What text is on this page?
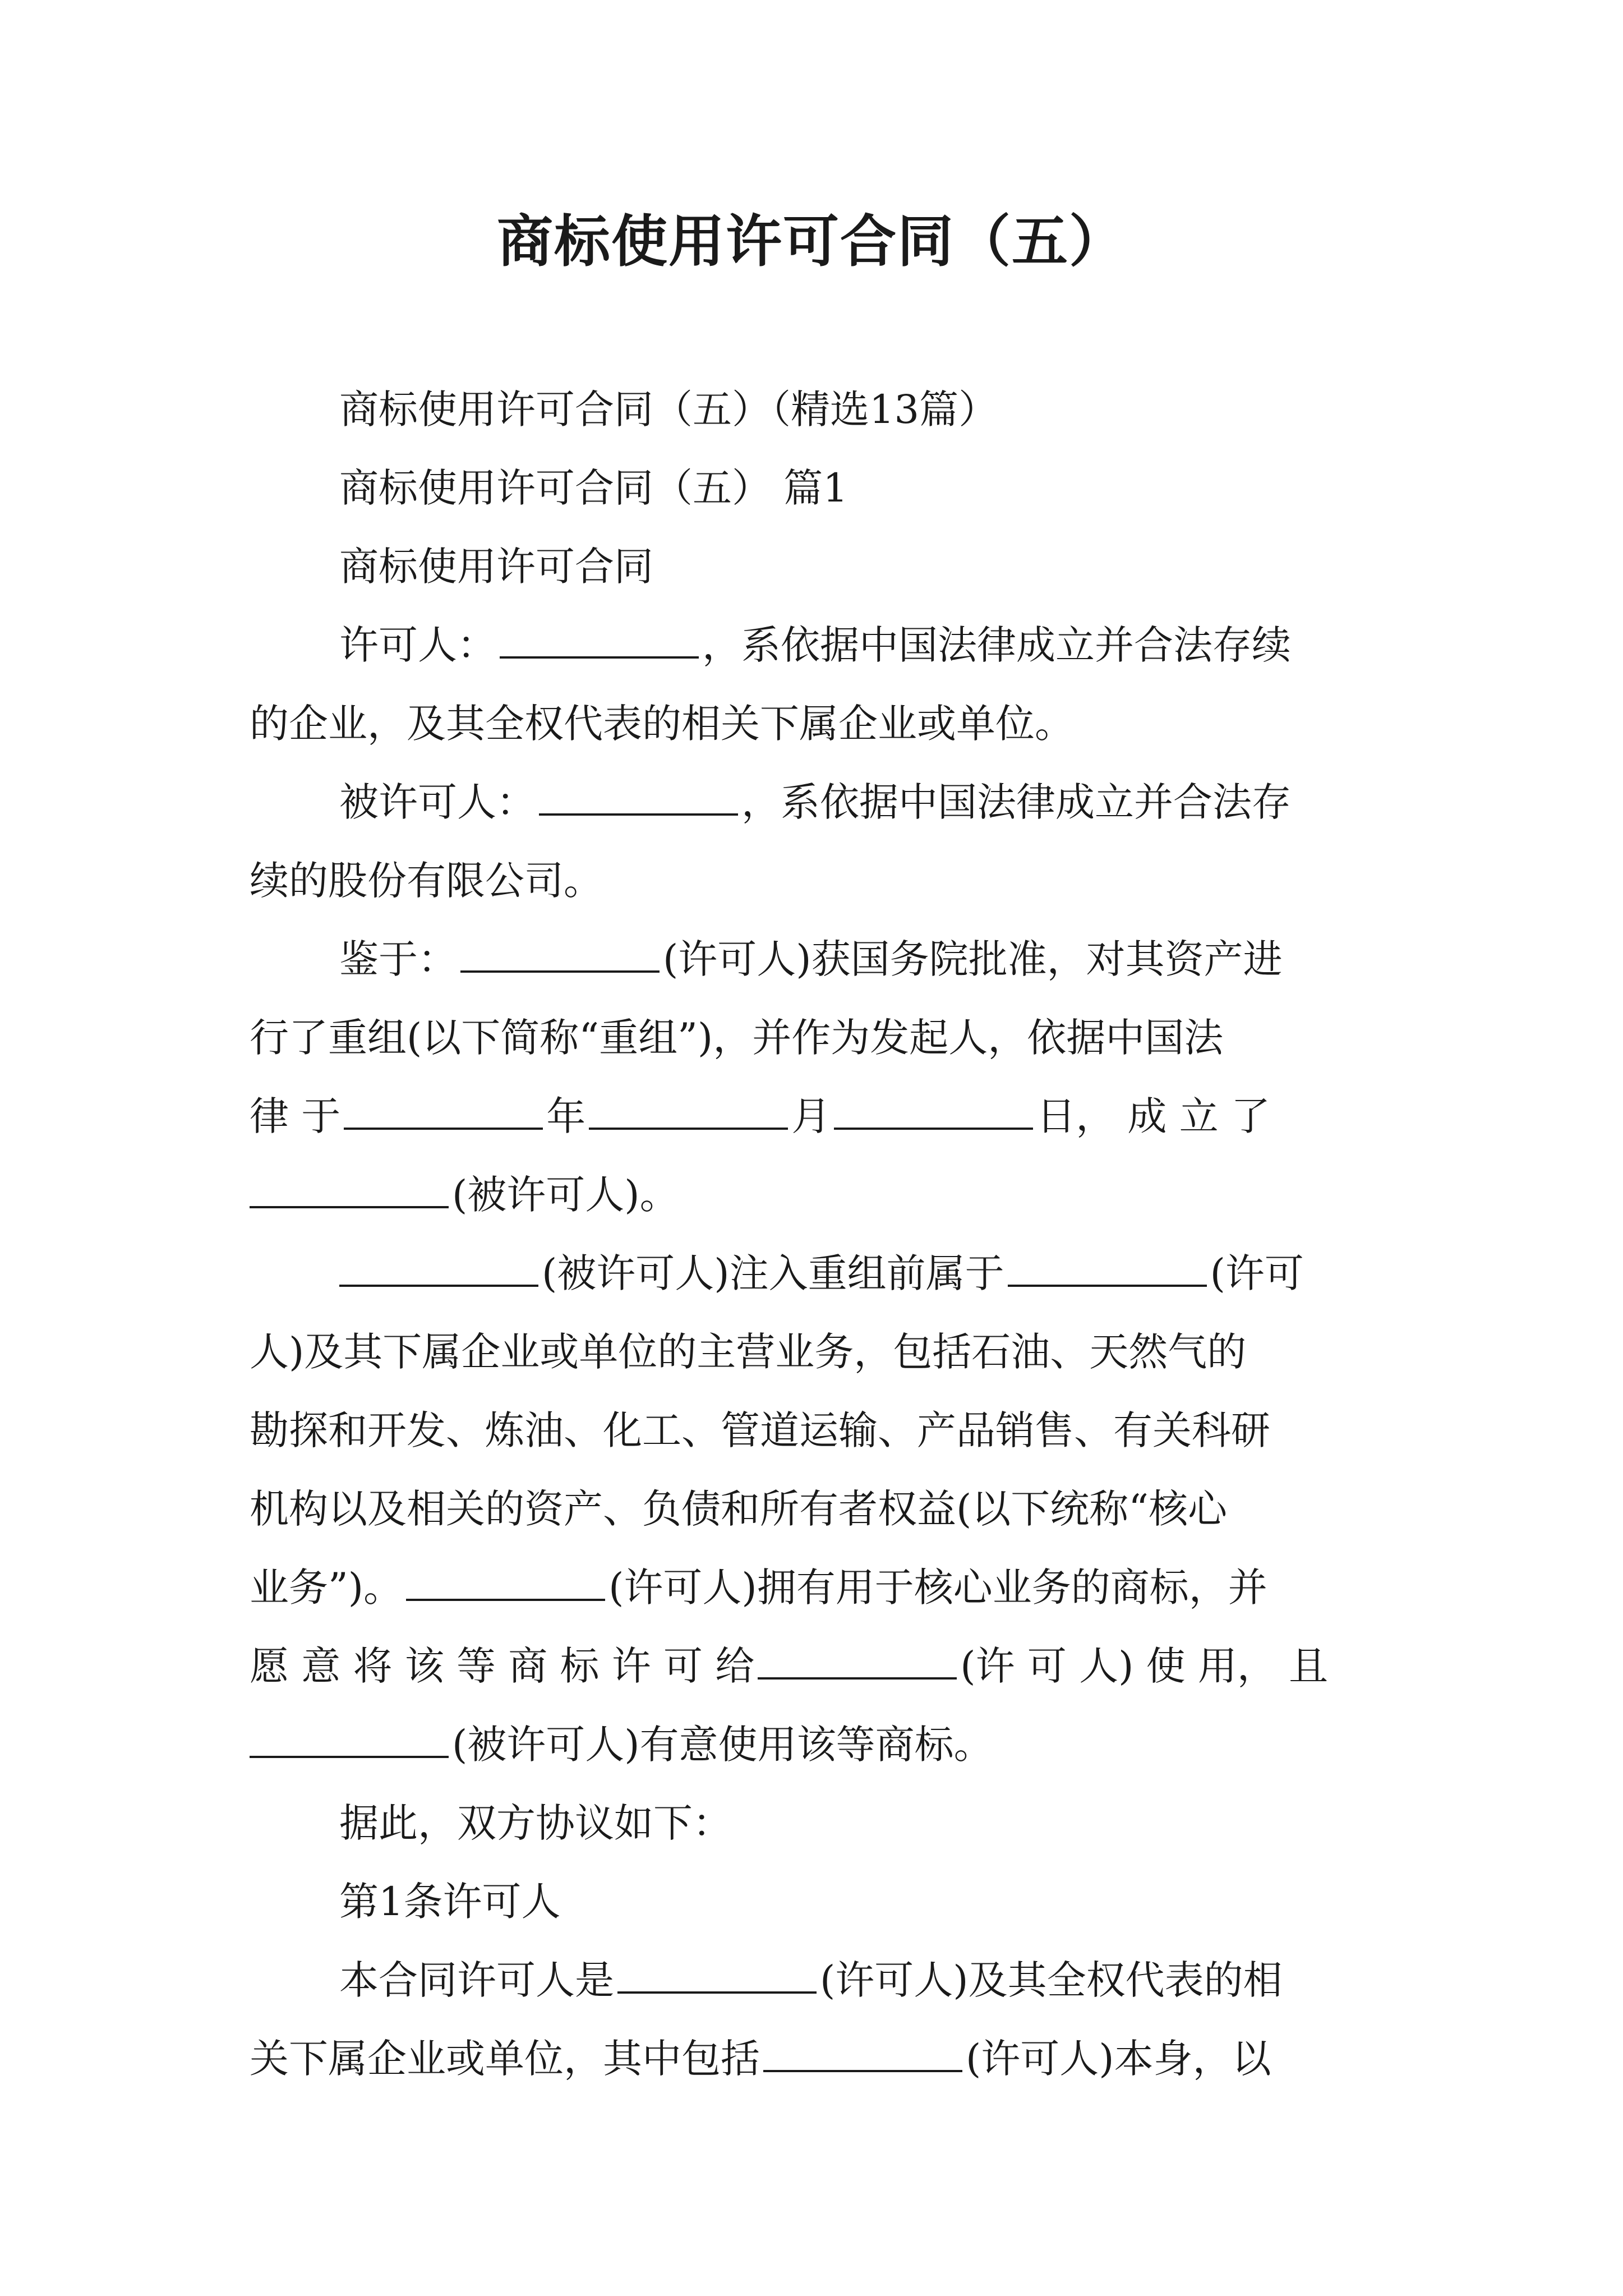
商标使用许可合同（五）
商标使用许可合同（五）（精选13篇）
商标使用许可合同（五） 篇1
商标使用许可合同
许可人：	，系依据中国法律成立并合法存续
的企业，及其全权代表的相关下属企业或单位。
被许可人：	，系依据中国法律成立并合法存
续的股份有限公司。
鉴于：	(许可人)获国务院批准，对其资产进
行了重组(以下简称“重组”)，并作为发起人，依据中国法
律 于	年	月	日， 成 立 了
(被许可人)。
(被许可人)注入重组前属于	(许可
人)及其下属企业或单位的主营业务，包括石油、天然气的
勘探和开发、炼油、化工、管道运输、产品销售、有关科研
机构以及相关的资产、负债和所有者权益(以下统称“核心
业务”)。	(许可人)拥有用于核心业务的商标，并
愿 意 将 该 等 商 标 许 可 给	(许 可 人) 使 用， 且
(被许可人)有意使用该等商标。
据此，双方协议如下：
第1条许可人
本合同许可人是	(许可人)及其全权代表的相
关下属企业或单位，其中包括	(许可人)本身，以
